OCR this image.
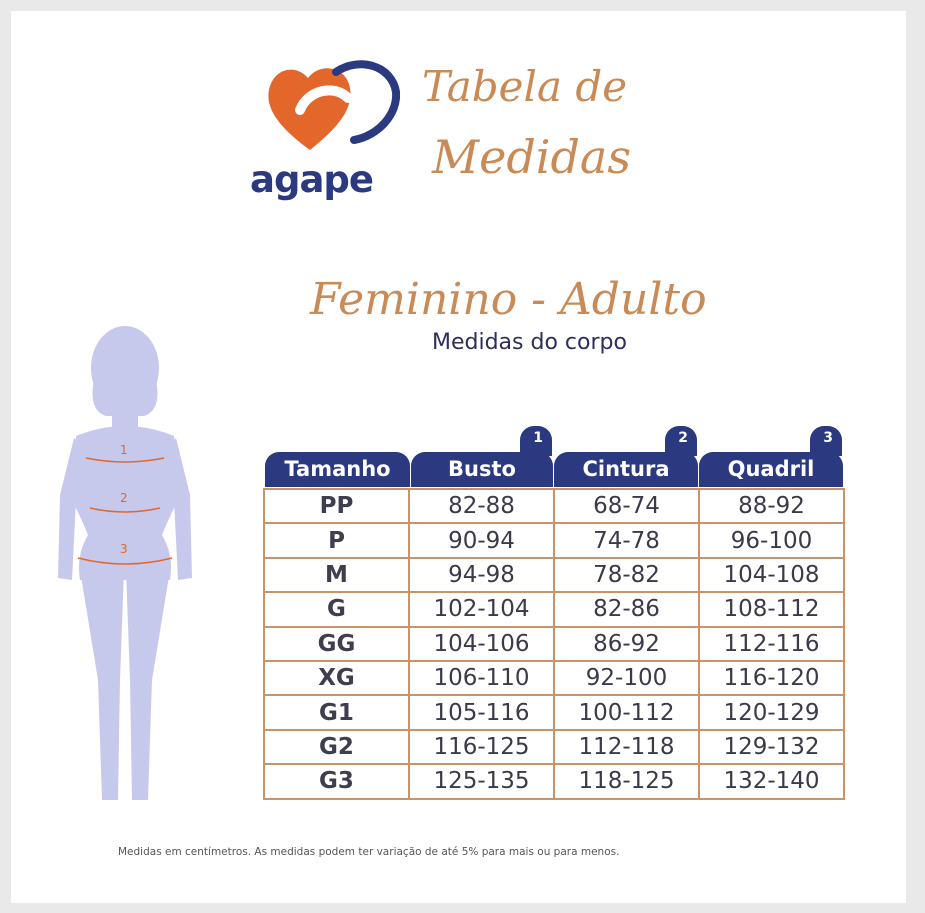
agape
Tabela de
Medidas
Feminino - Adulto
Medidas do corpo
1
2
3
1	2	3
Tamanho	Busto	Cintura	Quadril
PP	82-88	68-74	88-92
P	90-94	74-78	96-100
M	94-98	78-82	104-108
G	102-104	82-86	108-112
GG	104-106	86-92	112-116
XG	106-110	92-100	116-120
G1	105-116	100-112	120-129
G2	116-125	112-118	129-132
G3	125-135	118-125	132-140
Medidas em centímetros. As medidas podem ter variação de até 5% para mais ou para menos.
